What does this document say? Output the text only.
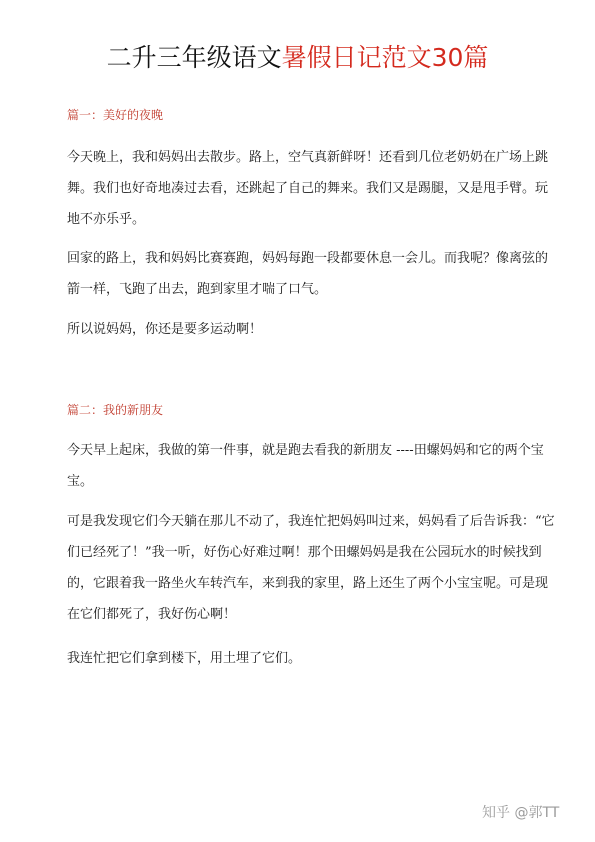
二升三年级语文暑假日记范文30篇
篇一：美好的夜晚
今天晚上，我和妈妈出去散步。路上，空气真新鲜呀！还看到几位老奶奶在广场上跳舞。我们也好奇地凑过去看，还跳起了自己的舞来。我们又是踢腿，又是甩手臂。玩地不亦乐乎。
回家的路上，我和妈妈比赛赛跑，妈妈每跑一段都要休息一会儿。而我呢？像离弦的箭一样，飞跑了出去，跑到家里才喘了口气。
所以说妈妈，你还是要多运动啊！
篇二：我的新朋友
今天早上起床，我做的第一件事，就是跑去看我的新朋友 ----田螺妈妈和它的两个宝宝。
可是我发现它们今天躺在那儿不动了，我连忙把妈妈叫过来，妈妈看了后告诉我：“它们已经死了！”我一听，好伤心好难过啊！那个田螺妈妈是我在公园玩水的时候找到的，它跟着我一路坐火车转汽车，来到我的家里，路上还生了两个小宝宝呢。可是现在它们都死了，我好伤心啊！
我连忙把它们拿到楼下，用土埋了它们。
知乎 @郭TT
